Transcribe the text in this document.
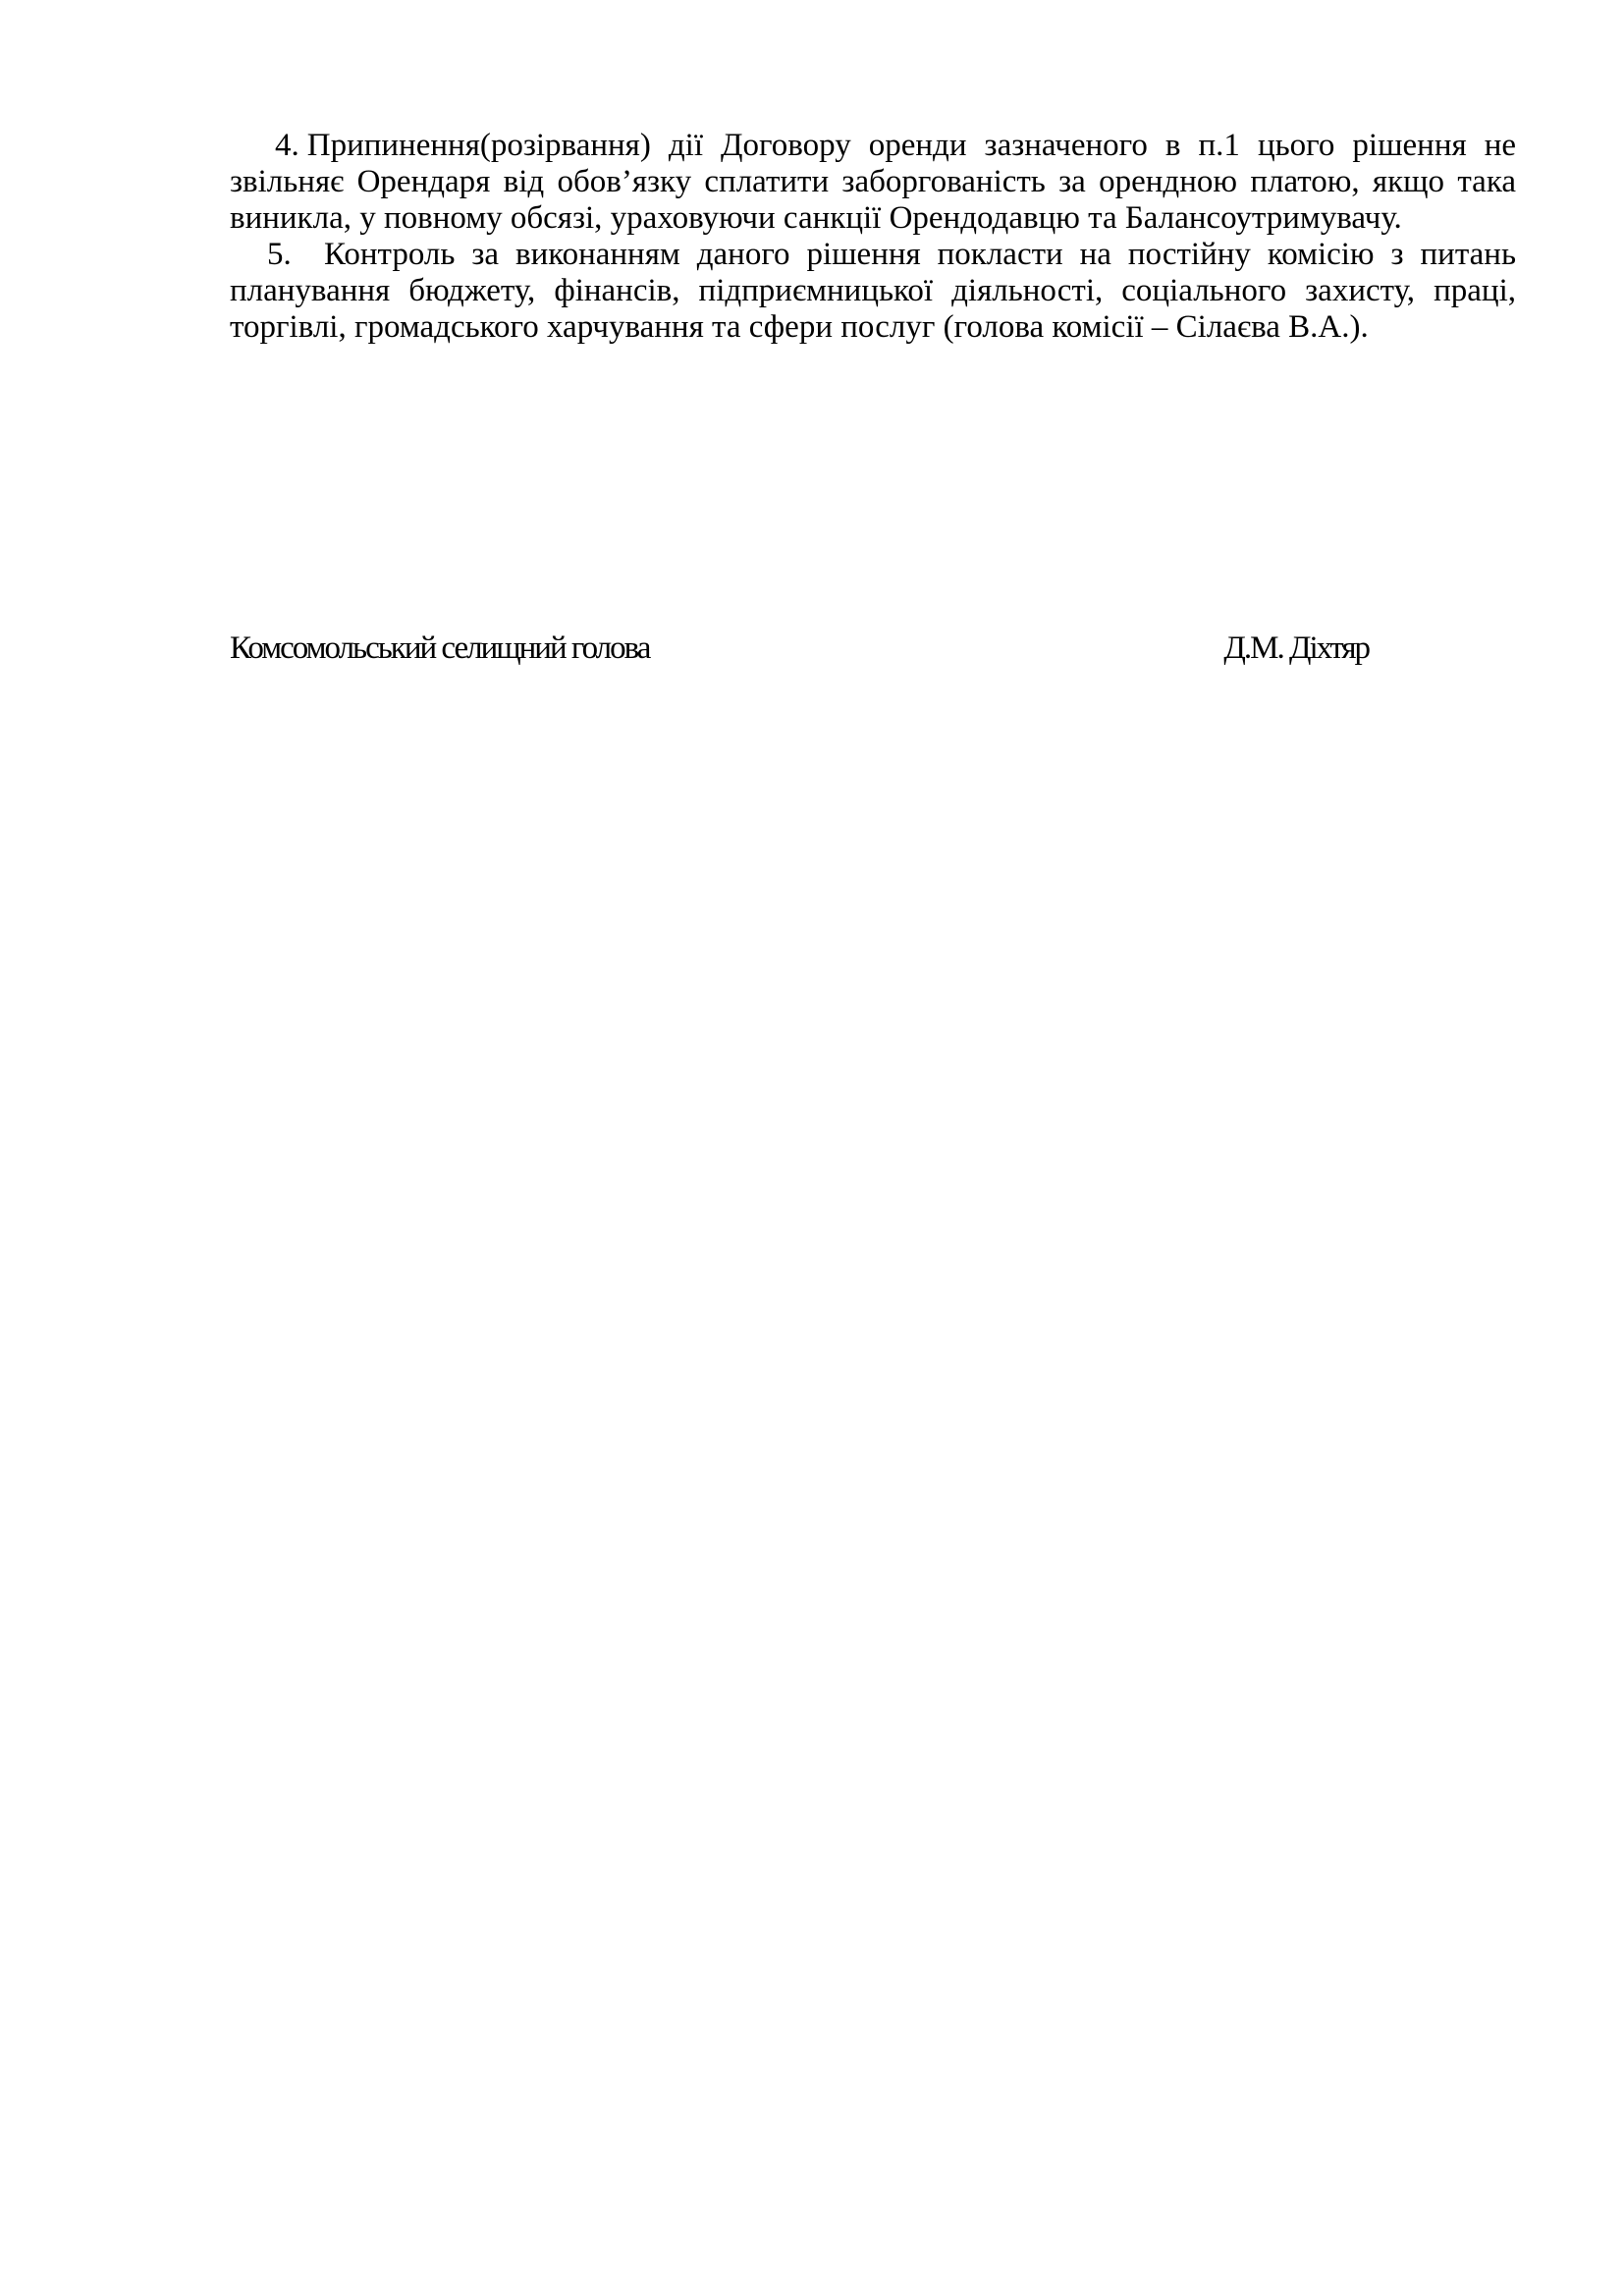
4. Припинення(розірвання) дії Договору оренди зазначеного в п.1 цього рішення не звільняє Орендаря від обов’язку сплатити заборгованість за орендною платою, якщо така виникла, у повному обсязі, ураховуючи санкції Орендодавцю та Балансоутримувачу.

5. Контроль за виконанням даного рішення покласти на постійну комісію з питань планування бюджету, фінансів, підприємницької діяльності, соціального захисту, праці, торгівлі, громадського харчування та сфери послуг (голова комісії – Сілаєва В.А.).

Комсомольський селищний голова	Д.М. Діхтяр
